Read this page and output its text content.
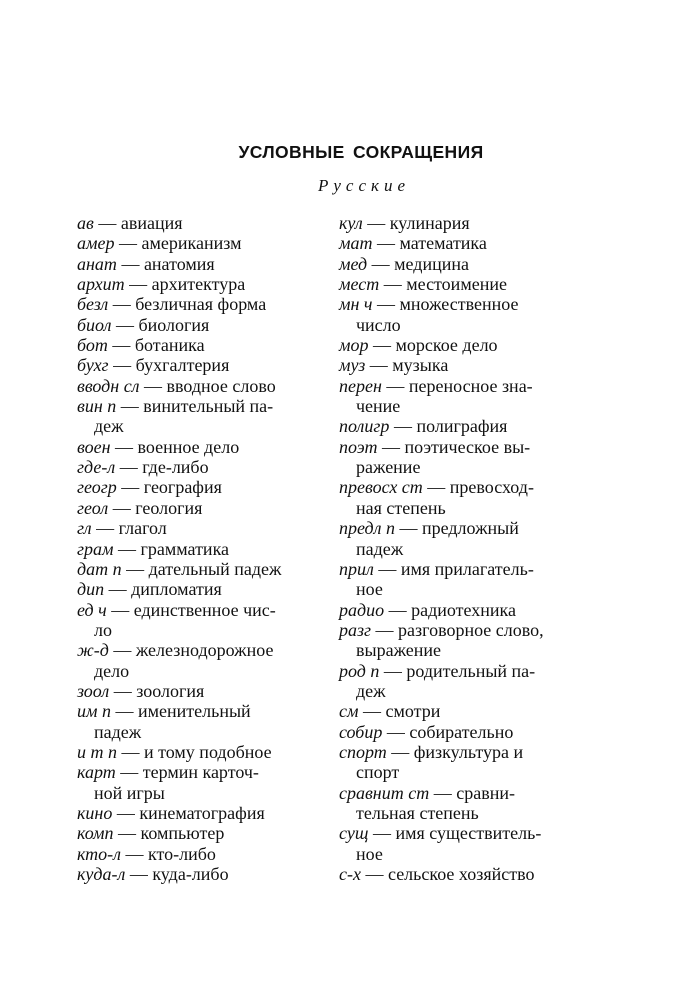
УСЛОВНЫЕ СОКРАЩЕНИЯ
Русские
ав — авиация
амер — американизм
анат — анатомия
архит — архитектура
безл — безличная форма
биол — биология
бот — ботаника
бухг — бухгалтерия
вводн сл — вводное слово
вин п — винительный па-
деж
воен — военное дело
где-л — где-либо
геогр — география
геол — геология
гл — глагол
грам — грамматика
дат п — дательный падеж
дип — дипломатия
ед ч — единственное чис-
ло
ж-д — железнодорожное
дело
зоол — зоология
им п — именительный
падеж
и т п — и тому подобное
карт — термин карточ-
ной игры
кино — кинематография
комп — компьютер
кто-л — кто-либо
куда-л — куда-либо
кул — кулинария
мат — математика
мед — медицина
мест — местоимение
мн ч — множественное
число
мор — морское дело
муз — музыка
перен — переносное зна-
чение
полигр — полиграфия
поэт — поэтическое вы-
ражение
превосх ст — превосход-
ная степень
предл п — предложный
падеж
прил — имя прилагатель-
ное
радио — радиотехника
разг — разговорное слово,
выражение
род п — родительный па-
деж
см — смотри
собир — собирательно
спорт — физкультура и
спорт
сравнит ст — сравни-
тельная степень
сущ — имя существитель-
ное
с-х — сельское хозяйство
